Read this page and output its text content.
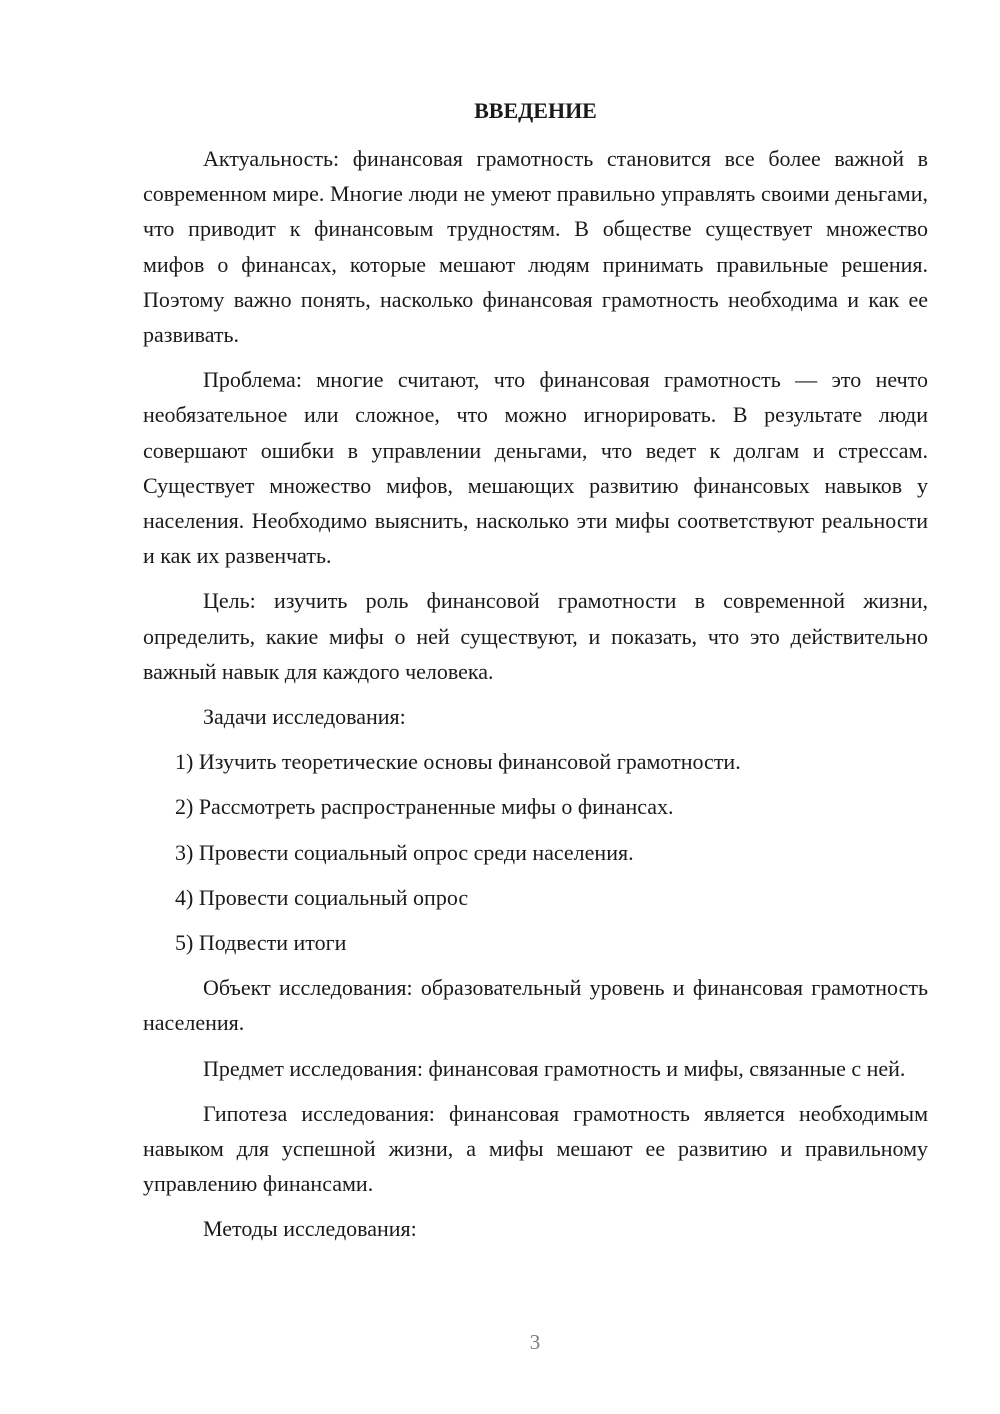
ВВЕДЕНИЕ

Актуальность: финансовая грамотность становится все более важной в современном мире. Многие люди не умеют правильно управлять своими деньгами, что приводит к финансовым трудностям. В обществе существует множество мифов о финансах, которые мешают людям принимать правильные решения. Поэтому важно понять, насколько финансовая грамотность необходима и как ее развивать.

Проблема: многие считают, что финансовая грамотность — это нечто необязательное или сложное, что можно игнорировать. В результате люди совершают ошибки в управлении деньгами, что ведет к долгам и стрессам. Существует множество мифов, мешающих развитию финансовых навыков у населения. Необходимо выяснить, насколько эти мифы соответствуют реальности и как их развенчать.

Цель: изучить роль финансовой грамотности в современной жизни, определить, какие мифы о ней существуют, и показать, что это действительно важный навык для каждого человека.

Задачи исследования:

1) Изучить теоретические основы финансовой грамотности.
2) Рассмотреть распространенные мифы о финансах.
3) Провести социальный опрос среди населения.
4) Провести социальный опрос
5) Подвести итоги

Объект исследования: образовательный уровень и финансовая грамотность населения.

Предмет исследования: финансовая грамотность и мифы, связанные с ней.

Гипотеза исследования: финансовая грамотность является необходимым навыком для успешной жизни, а мифы мешают ее развитию и правильному управлению финансами.

Методы исследования:

3
